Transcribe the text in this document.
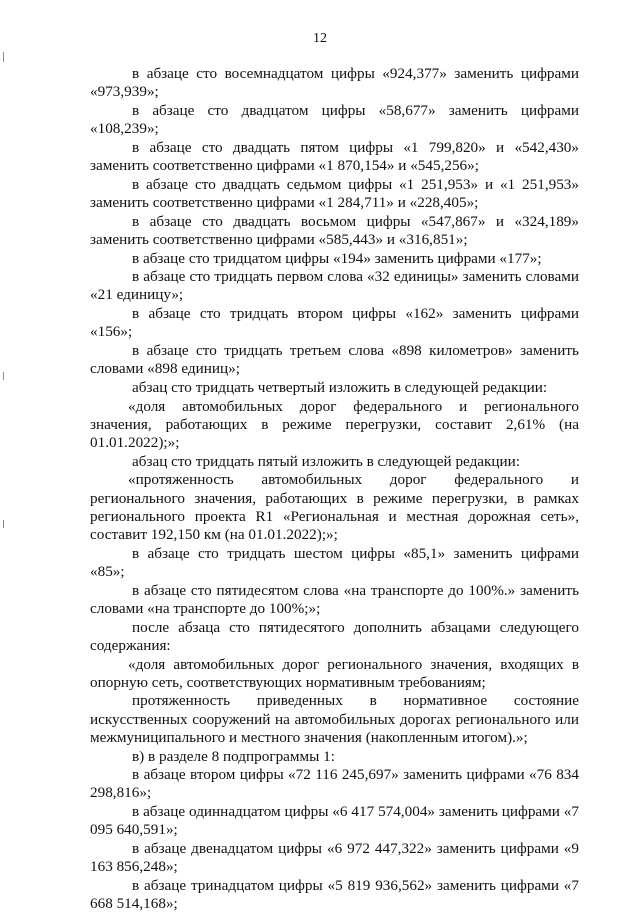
12

в абзаце сто восемнадцатом цифры «924,377» заменить цифрами «973,939»;

в абзаце сто двадцатом цифры «58,677» заменить цифрами «108,239»;

в абзаце сто двадцать пятом цифры «1 799,820» и «542,430» заменить соответственно цифрами «1 870,154» и «545,256»;

в абзаце сто двадцать седьмом цифры «1 251,953» и «1 251,953» заменить соответственно цифрами «1 284,711» и «228,405»;

в абзаце сто двадцать восьмом цифры «547,867» и «324,189» заменить соответственно цифрами «585,443» и «316,851»;

в абзаце сто тридцатом цифры «194» заменить цифрами «177»;

в абзаце сто тридцать первом слова «32 единицы» заменить словами «21 единицу»;

в абзаце сто тридцать втором цифры «162» заменить цифрами «156»;

в абзаце сто тридцать третьем слова «898 километров» заменить словами «898 единиц»;

абзац сто тридцать четвертый изложить в следующей редакции:

«доля автомобильных дорог федерального и регионального значения, работающих в режиме перегрузки, составит 2,61% (на 01.01.2022);»;

абзац сто тридцать пятый изложить в следующей редакции:

«протяженность автомобильных дорог федерального и регионального значения, работающих в режиме перегрузки, в рамках регионального проекта R1 «Региональная и местная дорожная сеть», составит 192,150 км (на 01.01.2022);»;

в абзаце сто тридцать шестом цифры «85,1» заменить цифрами «85»;

в абзаце сто пятидесятом слова «на транспорте до 100%.» заменить словами «на транспорте до 100%;»;

после абзаца сто пятидесятого дополнить абзацами следующего содержания:

«доля автомобильных дорог регионального значения, входящих в опорную сеть, соответствующих нормативным требованиям;

протяженность приведенных в нормативное состояние искусственных сооружений на автомобильных дорогах регионального или межмуниципального и местного значения (накопленным итогом).»;

в) в разделе 8 подпрограммы 1:

в абзаце втором цифры «72 116 245,697» заменить цифрами «76 834 298,816»;

в абзаце одиннадцатом цифры «6 417 574,004» заменить цифрами «7 095 640,591»;

в абзаце двенадцатом цифры «6 972 447,322» заменить цифрами «9 163 856,248»;

в абзаце тринадцатом цифры «5 819 936,562» заменить цифрами «7 668 514,168»;
